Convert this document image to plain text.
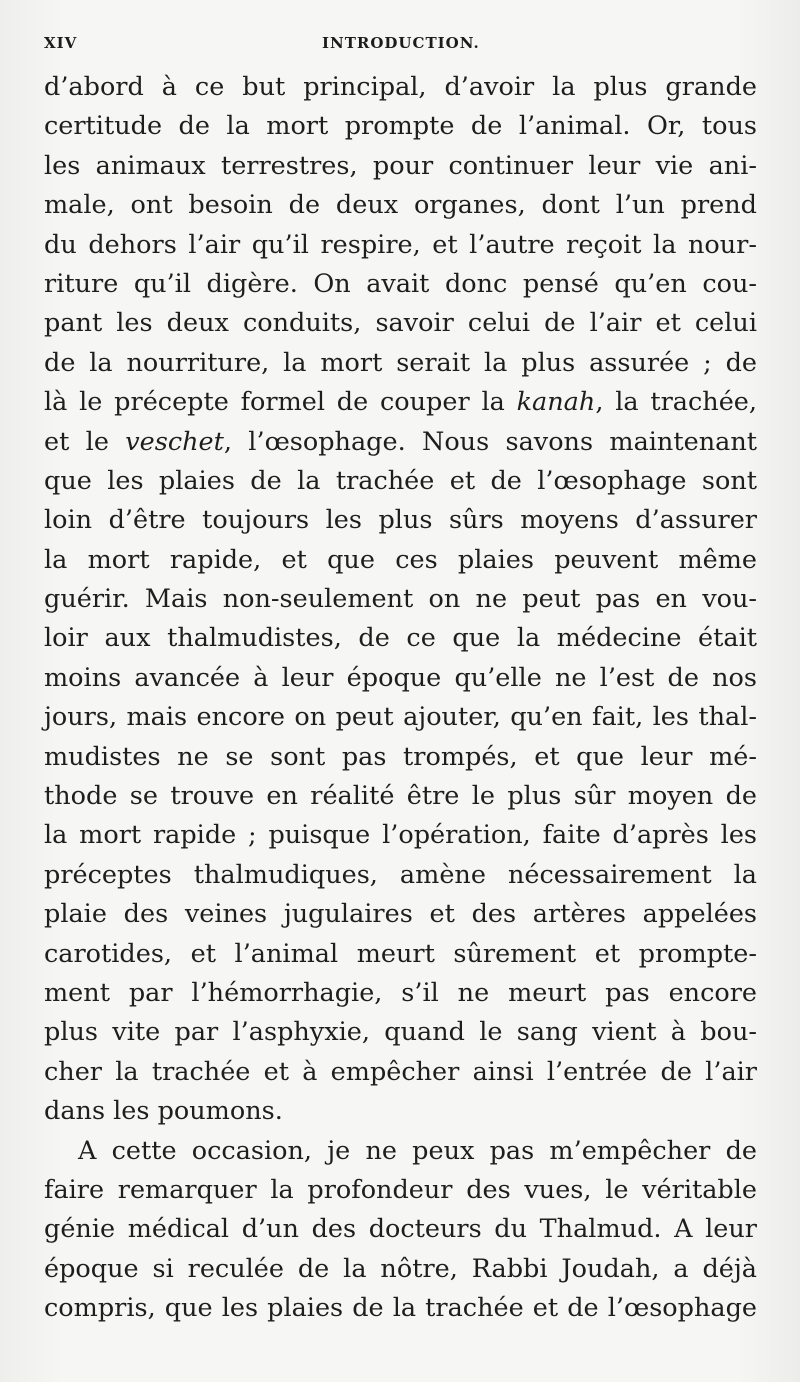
XIV	INTRODUCTION.
d’abord à ce but principal, d’avoir la plus grande
certitude de la mort prompte de l’animal. Or, tous
les animaux terrestres, pour continuer leur vie ani-
male, ont besoin de deux organes, dont l’un prend
du dehors l’air qu’il respire, et l’autre reçoit la nour-
riture qu’il digère. On avait donc pensé qu’en cou-
pant les deux conduits, savoir celui de l’air et celui
de la nourriture, la mort serait la plus assurée ; de
là le précepte formel de couper la kanah, la trachée,
et le veschet, l’œsophage. Nous savons maintenant
que les plaies de la trachée et de l’œsophage sont
loin d’être toujours les plus sûrs moyens d’assurer
la mort rapide, et que ces plaies peuvent même
guérir. Mais non-seulement on ne peut pas en vou-
loir aux thalmudistes, de ce que la médecine était
moins avancée à leur époque qu’elle ne l’est de nos
jours, mais encore on peut ajouter, qu’en fait, les thal-
mudistes ne se sont pas trompés, et que leur mé-
thode se trouve en réalité être le plus sûr moyen de
la mort rapide ; puisque l’opération, faite d’après les
préceptes thalmudiques, amène nécessairement la
plaie des veines jugulaires et des artères appelées
carotides, et l’animal meurt sûrement et prompte-
ment par l’hémorrhagie, s’il ne meurt pas encore
plus vite par l’asphyxie, quand le sang vient à bou-
cher la trachée et à empêcher ainsi l’entrée de l’air
dans les poumons.
A cette occasion, je ne peux pas m’empêcher de
faire remarquer la profondeur des vues, le véritable
génie médical d’un des docteurs du Thalmud. A leur
époque si reculée de la nôtre, Rabbi Joudah, a déjà
compris, que les plaies de la trachée et de l’œsophage
